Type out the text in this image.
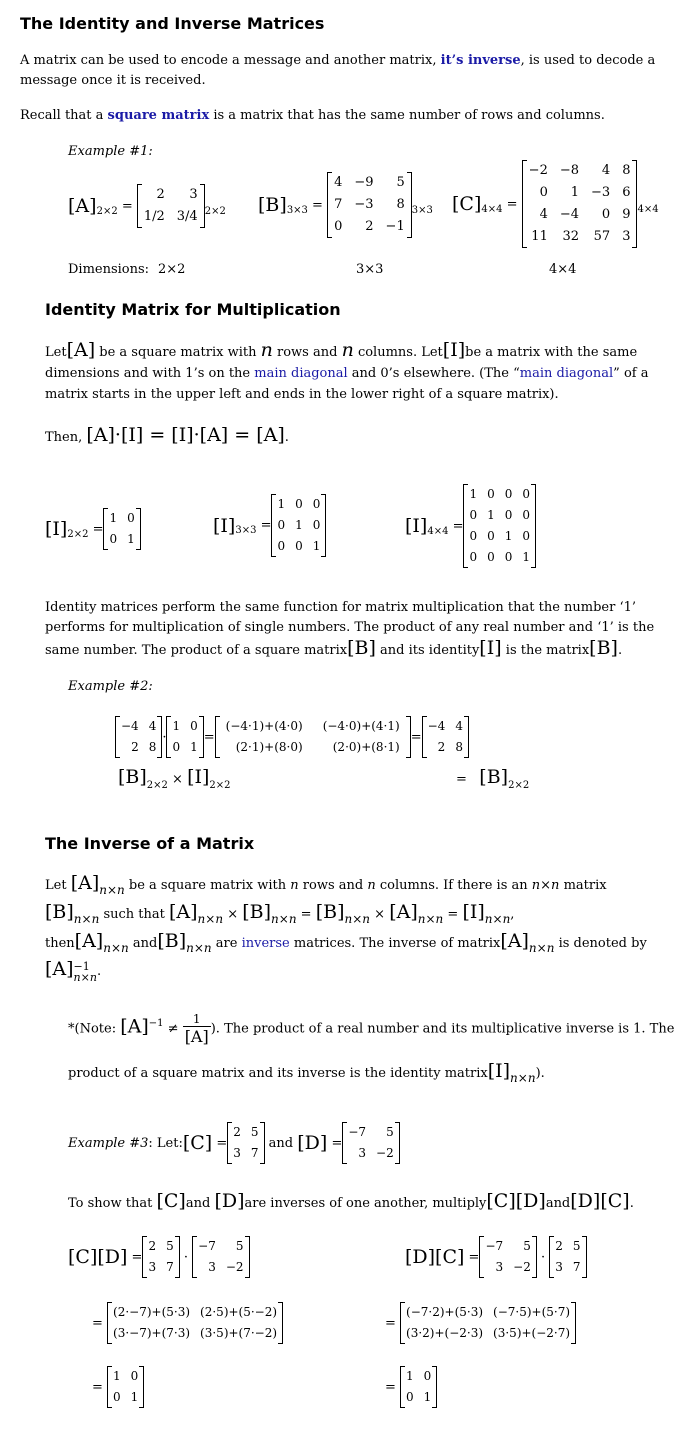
The Identity and Inverse Matrices

A matrix can be used to encode a message and another matrix, it’s inverse, is used to decode a message once it is received.

Recall that a square matrix is a matrix that has the same number of rows and columns.

Example #1:
[ A ] 2×2 =
2	3
1/2	3/4 2×2 [ B ] 3×3 =
4	−9	5
7	−3	8
0	2	−1
3×3 [ C ] 4×4 =
−2	−8	4	8
0	1	−3	6
4	−4	0	9
11	32	57	3
4×4
Dimensions: 2×2	3×3	4×4
Identity Matrix for Multiplication

Let[A] be a square matrix with n rows and n columns. Let[I]be a matrix with the same
dimensions and with 1’s on the main diagonal and 0’s elsewhere. (The “main diagonal” of a
matrix starts in the upper left and ends in the lower right of a square matrix).

Then, [A]·[I] = [I]·[A] = [A].
[I] 2×2 =
1	0
0	1
[I] 3×3 =
1	0	0
0	1	0
0	0	1
[I] 4×4 =
1	0	0	0
0	1	0	0
0	0	1	0
0	0	0	1

Identity matrices perform the same function for matrix multiplication that the number ‘1’
performs for multiplication of single numbers. The product of any real number and ‘1’ is the
same number. The product of a square matrix[B] and its identity[I] is the matrix[B].

Example #2:
−4	4
2	8
·
1	0
0	1
=
(−4·1)+(4·0)	(−4·0)+(4·1)
(2·1)+(8·0)	(2·0)+(8·1)
=
−4	4
2	8
$[B]_{2\times 2} \times [I]_{2\times 2}$	=   $[B]_{2\times 2}$
The Inverse of a Matrix
Let [A]n×n be a square matrix with n rows and n columns. If there is an n×n matrix
[B]n×n such that [A]n×n × [B]n×n = [B]n×n × [A]n×n = [I]n×n,
then[A]n×n and[B]n×n are inverse matrices. The inverse of matrix[A]n×n is denoted by
[A] −1
n×n .
*(Note: $[A]^{-1} \ne \frac{1}{[A]}$ ). The product of a real number and its multiplicative inverse is 1. The
product of a square matrix and its inverse is the identity matrix[I]n×n).
Example #3 : Let: [C] =
2	5
3	7

and
[D] =
−7	5
3	−2
To show that [C]and [D]are inverses of one another, multiply[C][D]and[D][C].
[C][D] =
2	5
3	7
·
−7	5
3	−2	[D][C] =
−7	5
3	−2
·
2	5
3	7
=
(2·−7)+(5·3)	(2·5)+(5·−2)
(3·−7)+(7·3)	(3·5)+(7·−2)
=
(−7·2)+(5·3)	(−7·5)+(5·7)
(3·2)+(−2·3)	(3·5)+(−2·7)
=
1	0
0	1
=
1	0
0	1
